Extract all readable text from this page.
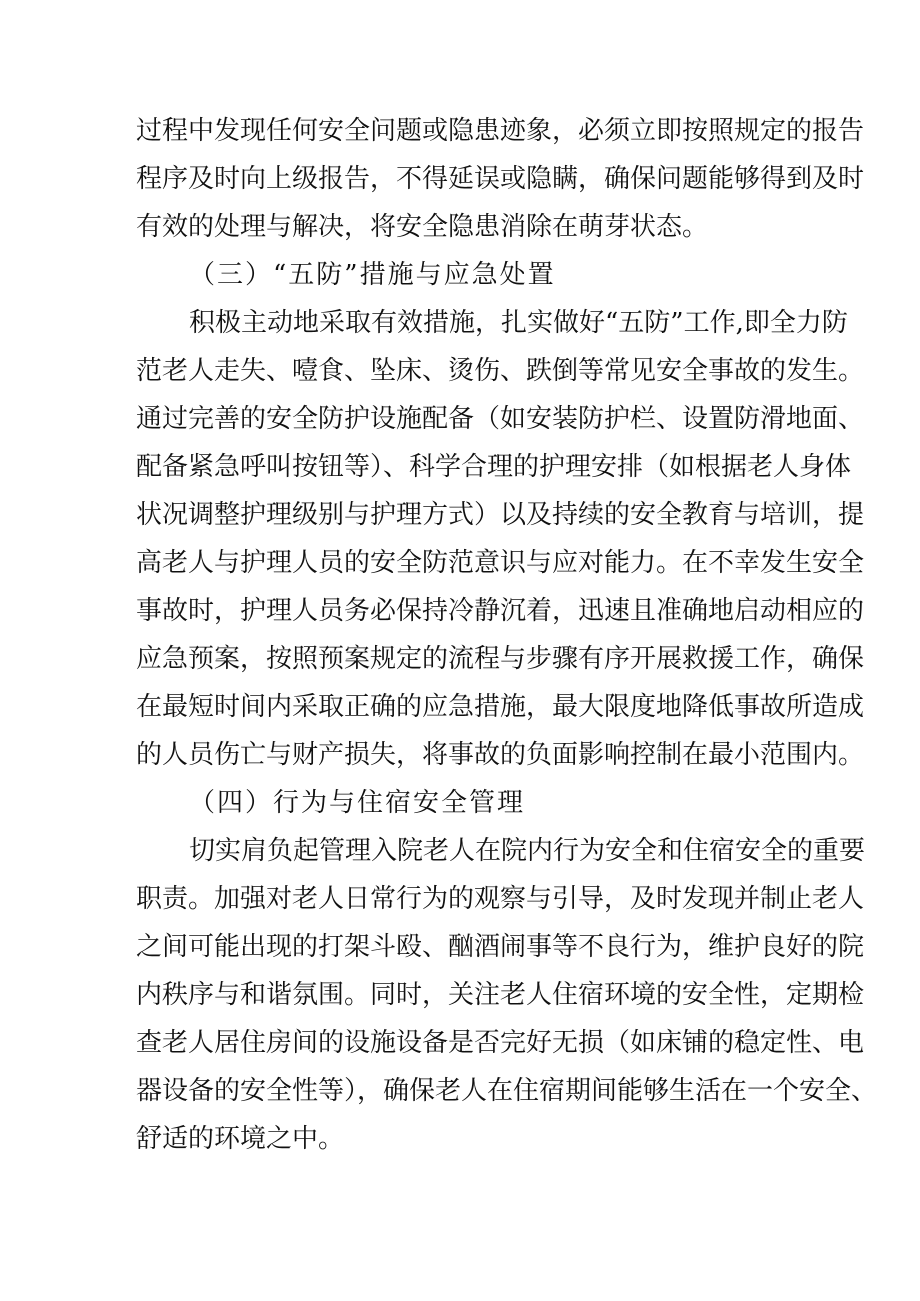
过程中发现任何安全问题或隐患迹象，必须立即按照规定的报告
程序及时向上级报告，不得延误或隐瞒，确保问题能够得到及时
有效的处理与解决，将安全隐患消除在萌芽状态。
（三）“五防”措施与应急处置
积极主动地采取有效措施，扎实做好“五防”工作,即全力防
范老人走失、噎食、坠床、烫伤、跌倒等常见安全事故的发生。
通过完善的安全防护设施配备（如安装防护栏、设置防滑地面、
配备紧急呼叫按钮等）、科学合理的护理安排（如根据老人身体
状况调整护理级别与护理方式）以及持续的安全教育与培训，提
高老人与护理人员的安全防范意识与应对能力。在不幸发生安全
事故时，护理人员务必保持冷静沉着，迅速且准确地启动相应的
应急预案，按照预案规定的流程与步骤有序开展救援工作，确保
在最短时间内采取正确的应急措施，最大限度地降低事故所造成
的人员伤亡与财产损失，将事故的负面影响控制在最小范围内。
（四）行为与住宿安全管理
切实肩负起管理入院老人在院内行为安全和住宿安全的重要
职责。加强对老人日常行为的观察与引导，及时发现并制止老人
之间可能出现的打架斗殴、酗酒闹事等不良行为，维护良好的院
内秩序与和谐氛围。同时，关注老人住宿环境的安全性，定期检
查老人居住房间的设施设备是否完好无损（如床铺的稳定性、电
器设备的安全性等），确保老人在住宿期间能够生活在一个安全、
舒适的环境之中。
